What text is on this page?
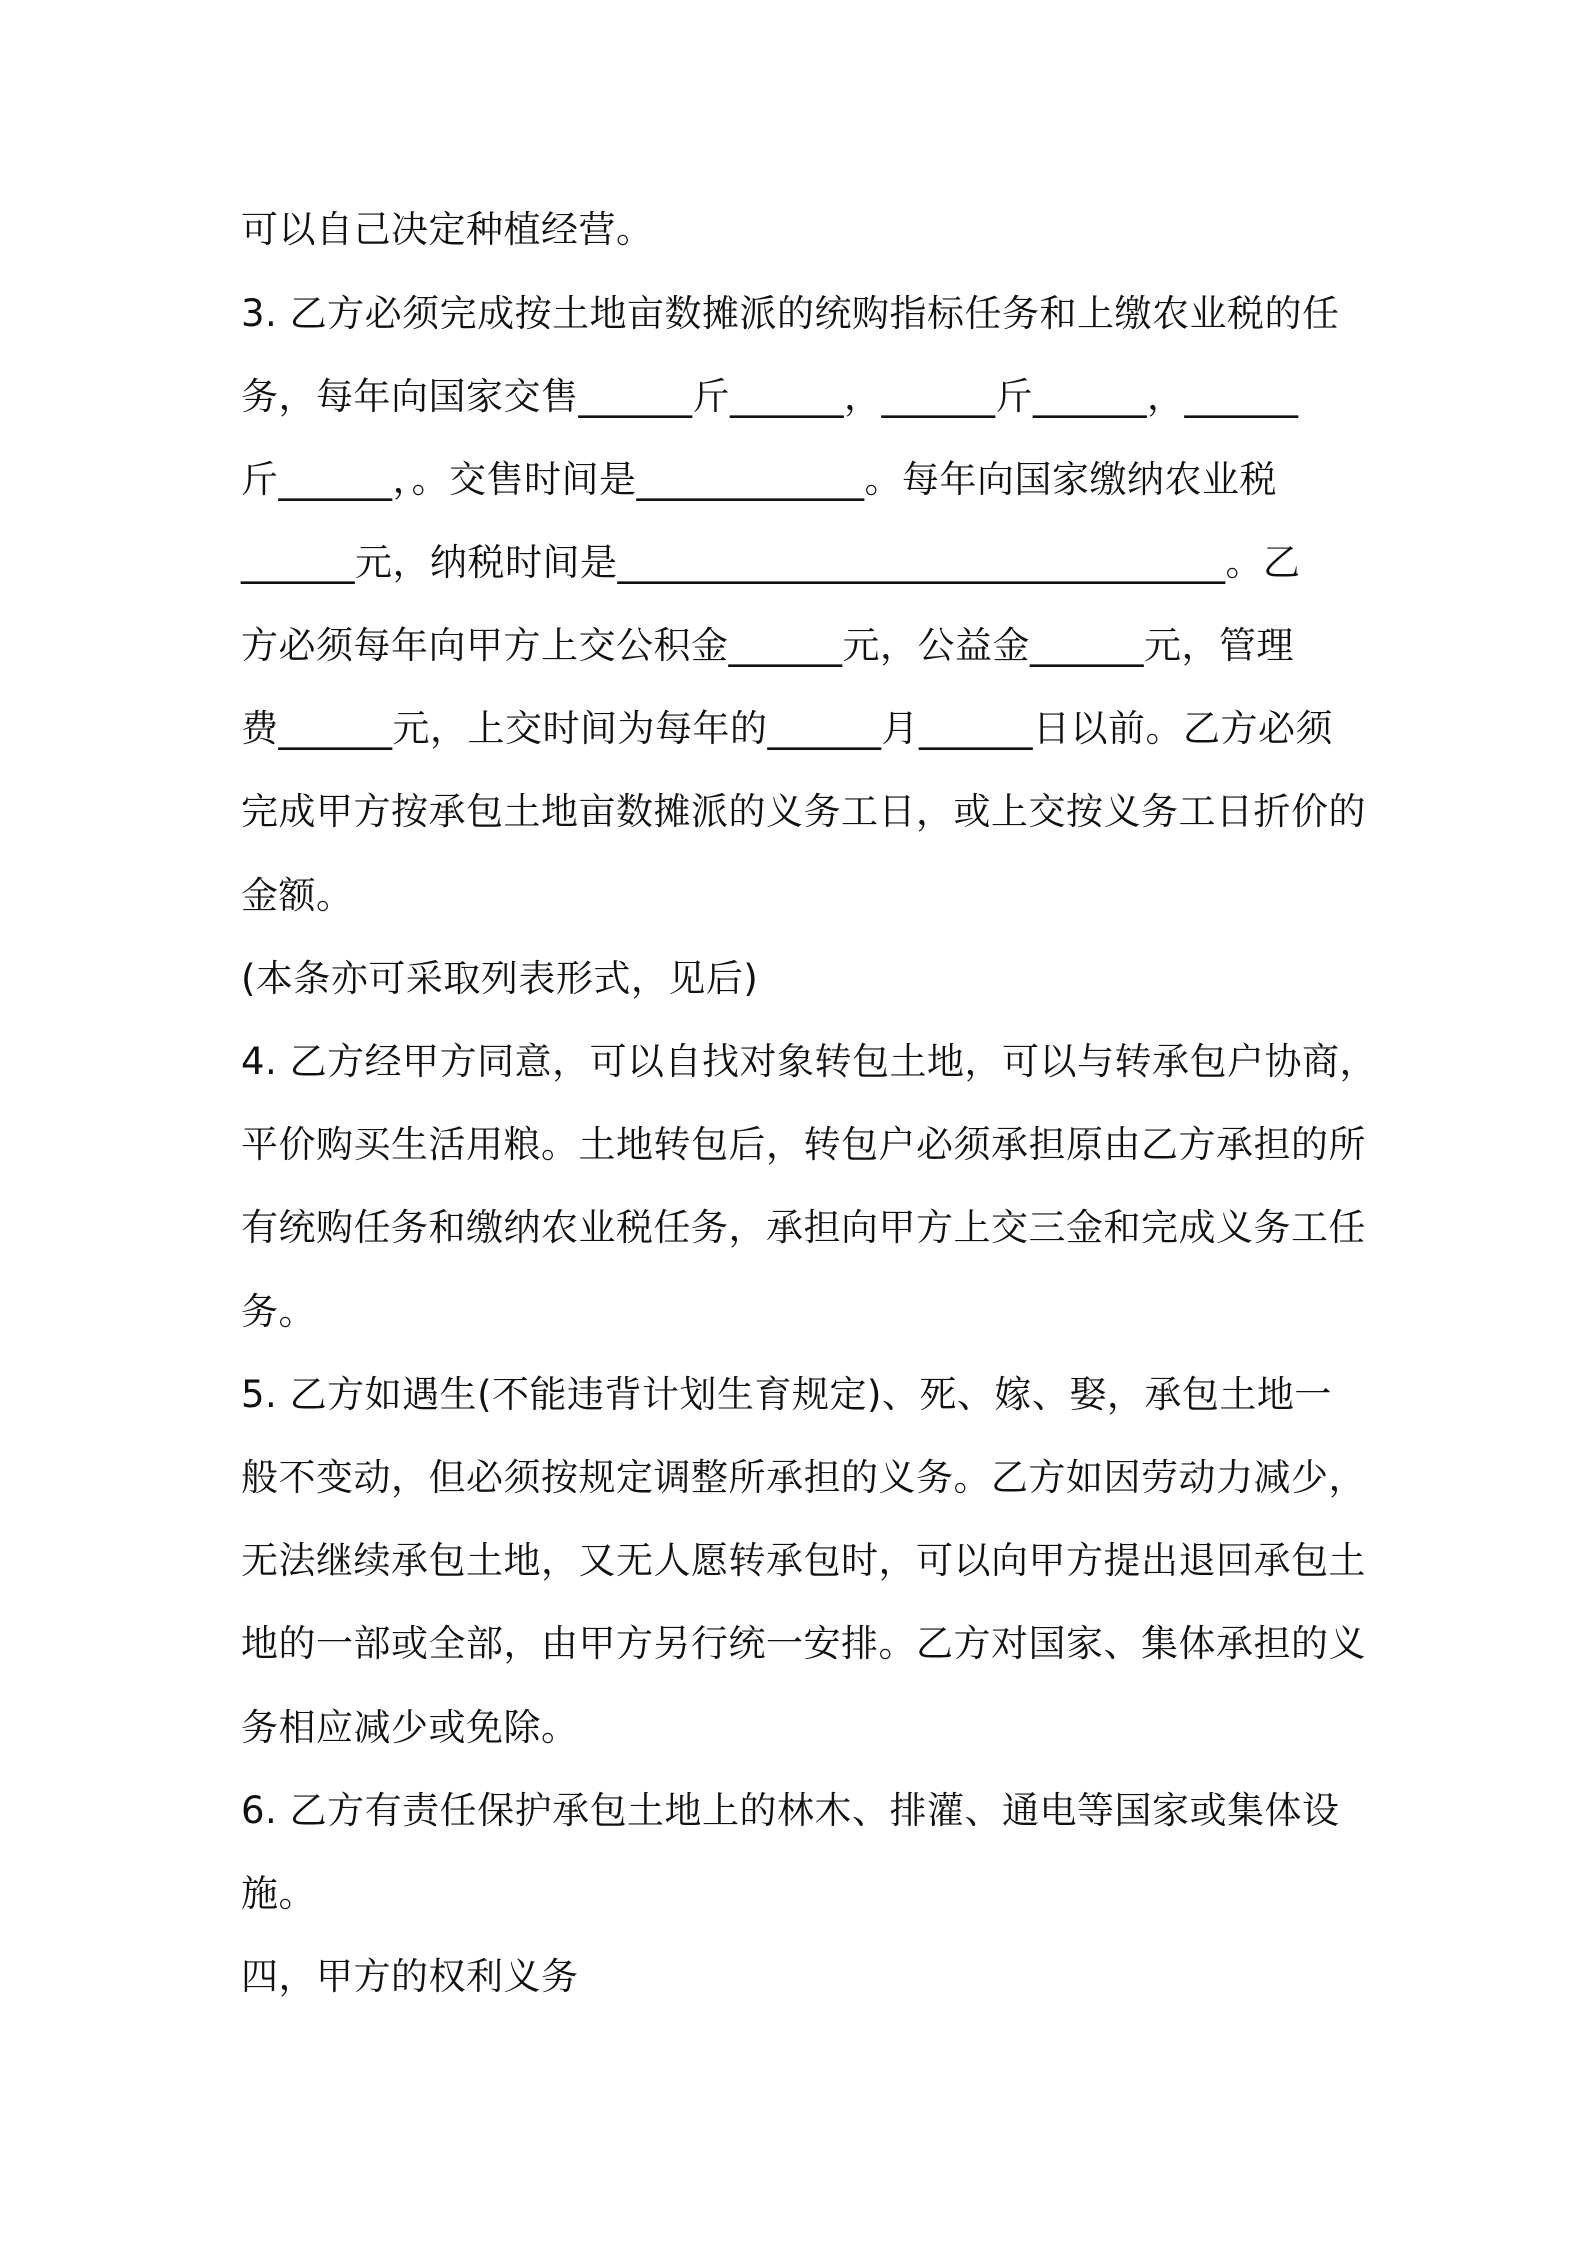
可以自己决定种植经营。
3. 乙方必须完成按土地亩数摊派的统购指标任务和上缴农业税的任
务，每年向国家交售______斤______，______斤______，______
斤______，。交售时间是____________。每年向国家缴纳农业税
______元，纳税时间是________________________________。乙
方必须每年向甲方上交公积金______元，公益金______元，管理
费______元，上交时间为每年的______月______日以前。乙方必须
完成甲方按承包土地亩数摊派的义务工日，或上交按义务工日折价的
金额。
(本条亦可采取列表形式，见后)
4. 乙方经甲方同意，可以自找对象转包土地，可以与转承包户协商，
平价购买生活用粮。土地转包后，转包户必须承担原由乙方承担的所
有统购任务和缴纳农业税任务，承担向甲方上交三金和完成义务工任
务。
5. 乙方如遇生(不能违背计划生育规定)、死、嫁、娶，承包土地一
般不变动，但必须按规定调整所承担的义务。乙方如因劳动力减少，
无法继续承包土地，又无人愿转承包时，可以向甲方提出退回承包土
地的一部或全部，由甲方另行统一安排。乙方对国家、集体承担的义
务相应减少或免除。
6. 乙方有责任保护承包土地上的林木、排灌、通电等国家或集体设
施。
四，甲方的权利义务
